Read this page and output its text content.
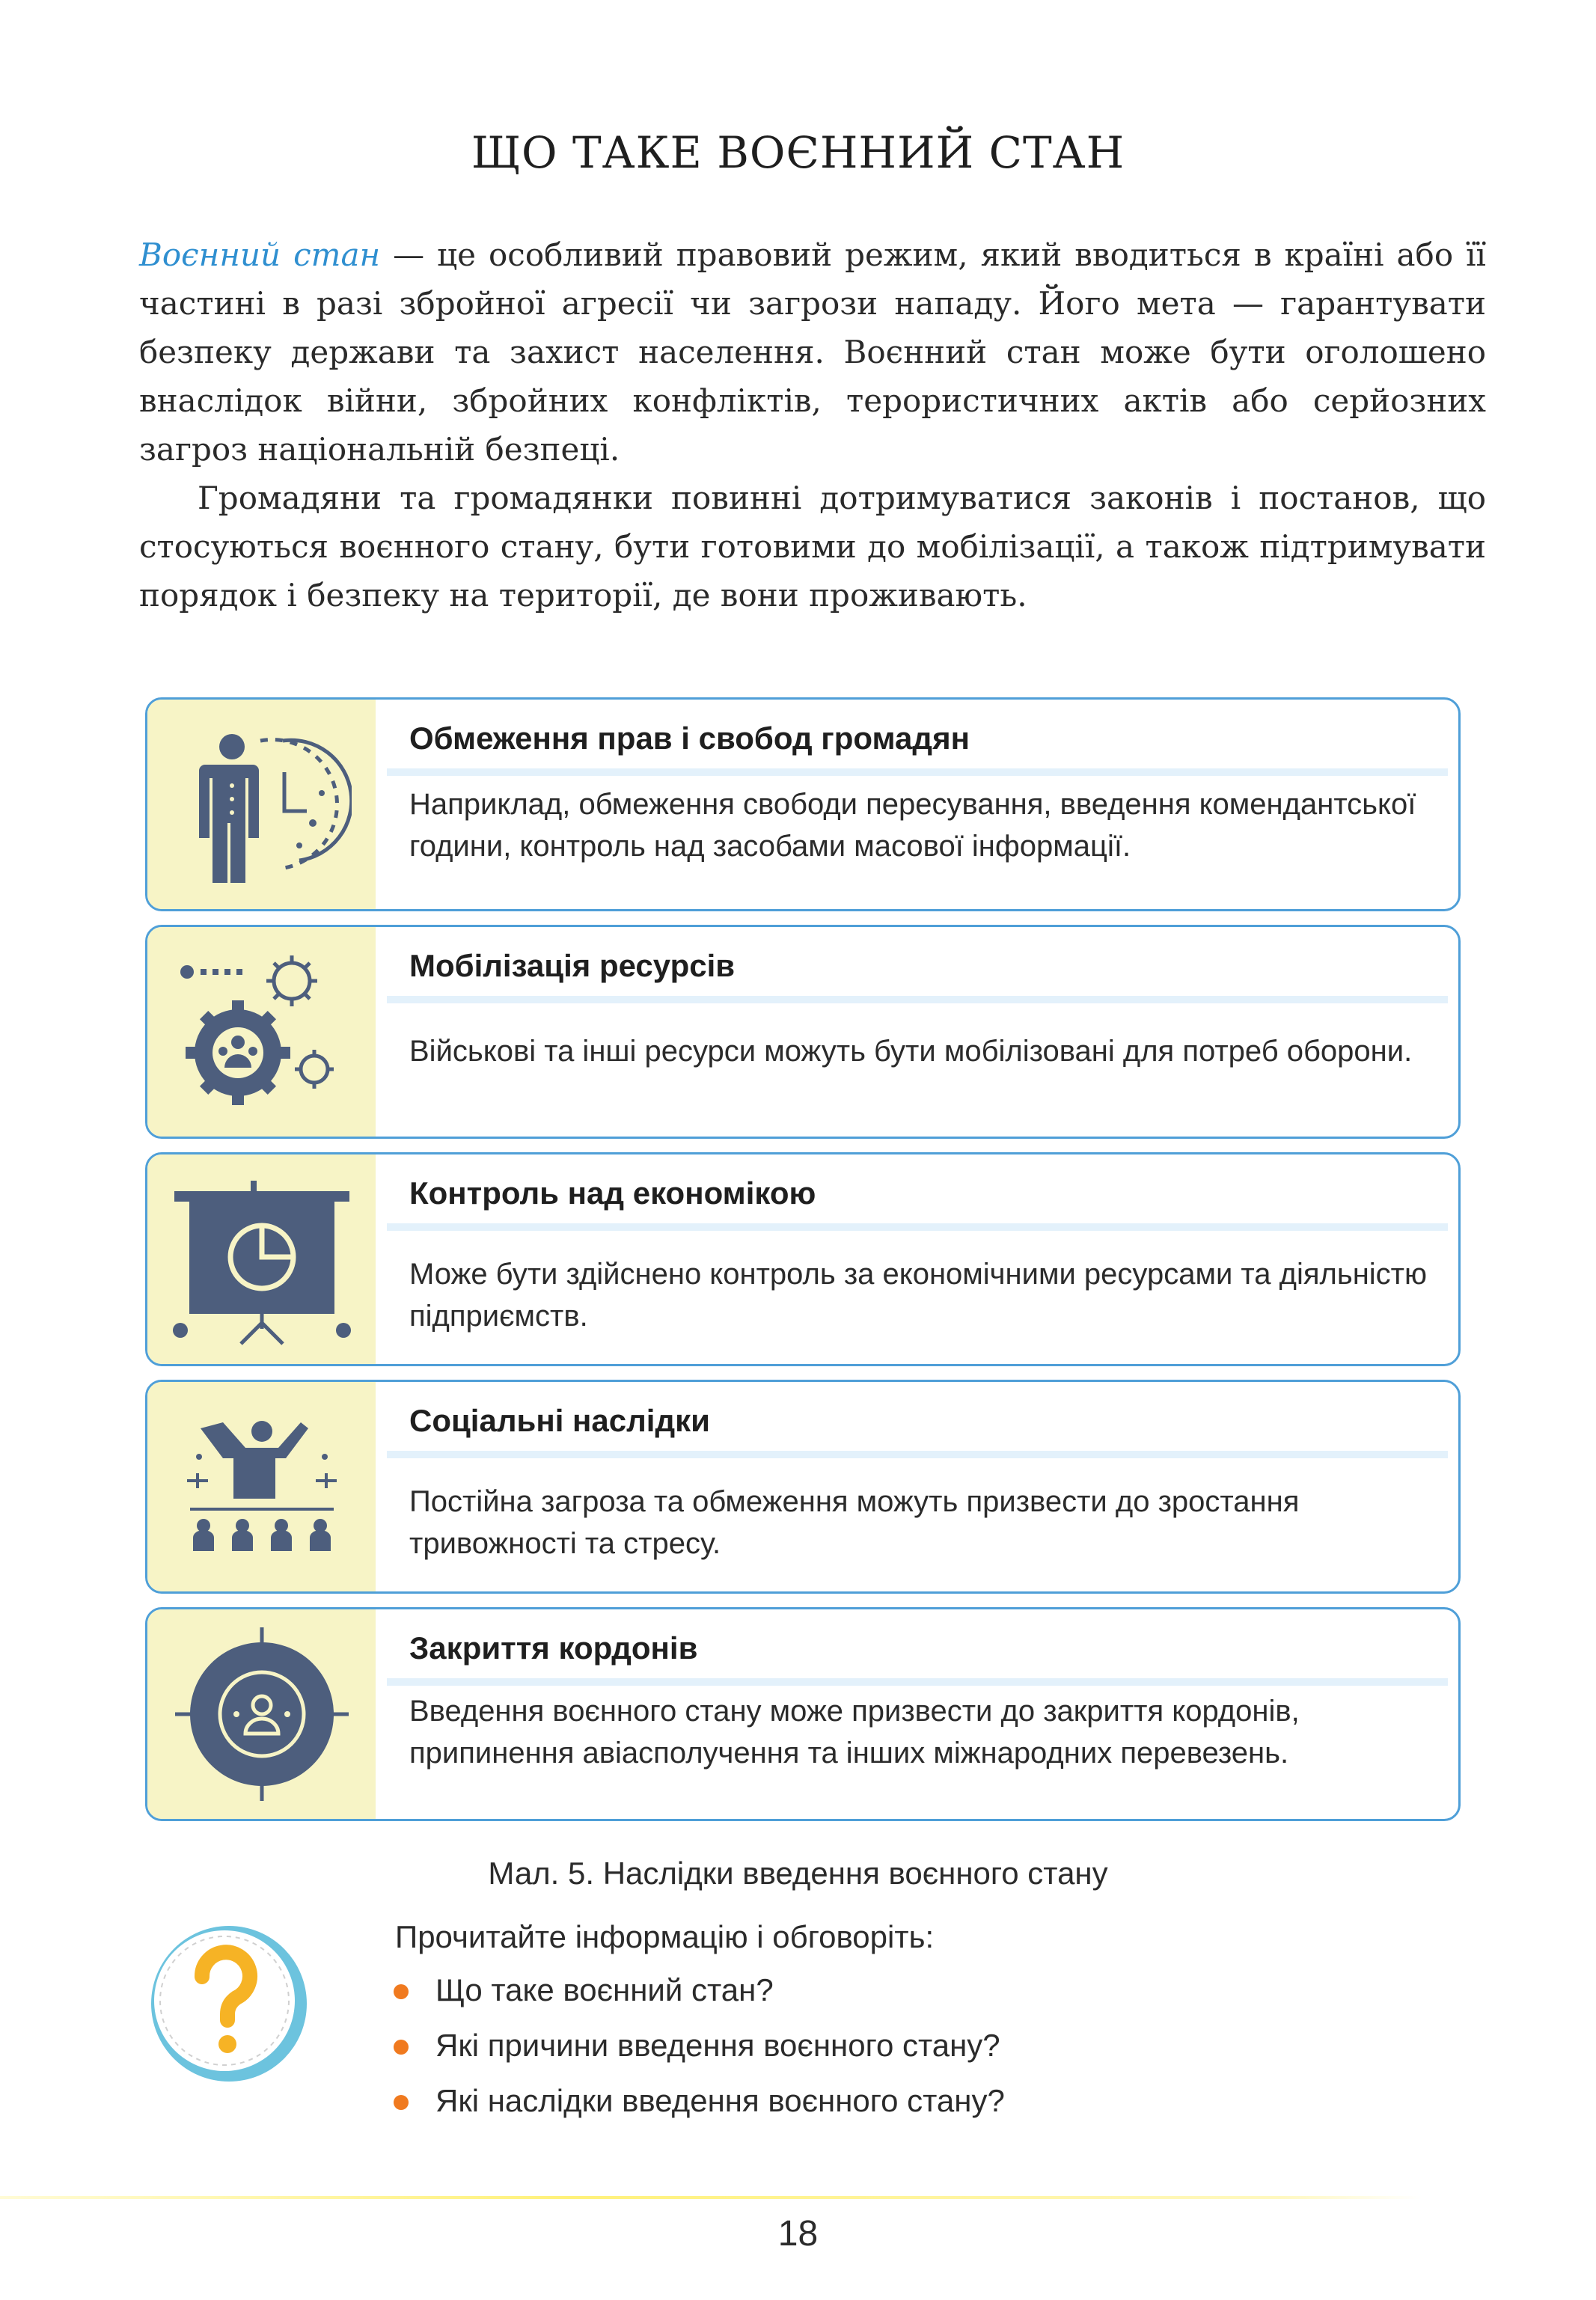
ЩО ТАКЕ ВОЄННИЙ СТАН

Воєнний стан — це особливий правовий режим, який вводиться в країні або її частині в разі збройної агресії чи загрози нападу. Його мета — гарантувати безпеку держави та захист населення. Воєнний стан може бути оголошено внаслідок війни, збройних конфліктів, терористичних актів або серйозних загроз національній безпеці.

Громадяни та громадянки повинні дотримуватися законів і постанов, що стосуються воєнного стану, бути готовими до мобілізації, а також підтримувати порядок і безпеку на території, де вони проживають.

Обмеження прав і свобод громадян
Наприклад, обмеження свободи пересування, введення комендантської години, контроль над засобами масової інформації.
Мобілізація ресурсів
Військові та інші ресурси можуть бути мобілізовані для потреб оборони.
Контроль над економікою
Може бути здійснено контроль за економічними ресурсами та діяльністю підприємств.
Соціальні наслідки
Постійна загроза та обмеження можуть призвести до зростання тривожності та стресу.
Закриття кордонів
Введення воєнного стану може призвести до закриття кордонів, припинення авіасполучення та інших міжнародних перевезень.
Мал. 5. Наслідки введення воєнного стану
Прочитайте інформацію і обговоріть:
Що таке воєнний стан?
Які причини введення воєнного стану?
Які наслідки введення воєнного стану?
18
